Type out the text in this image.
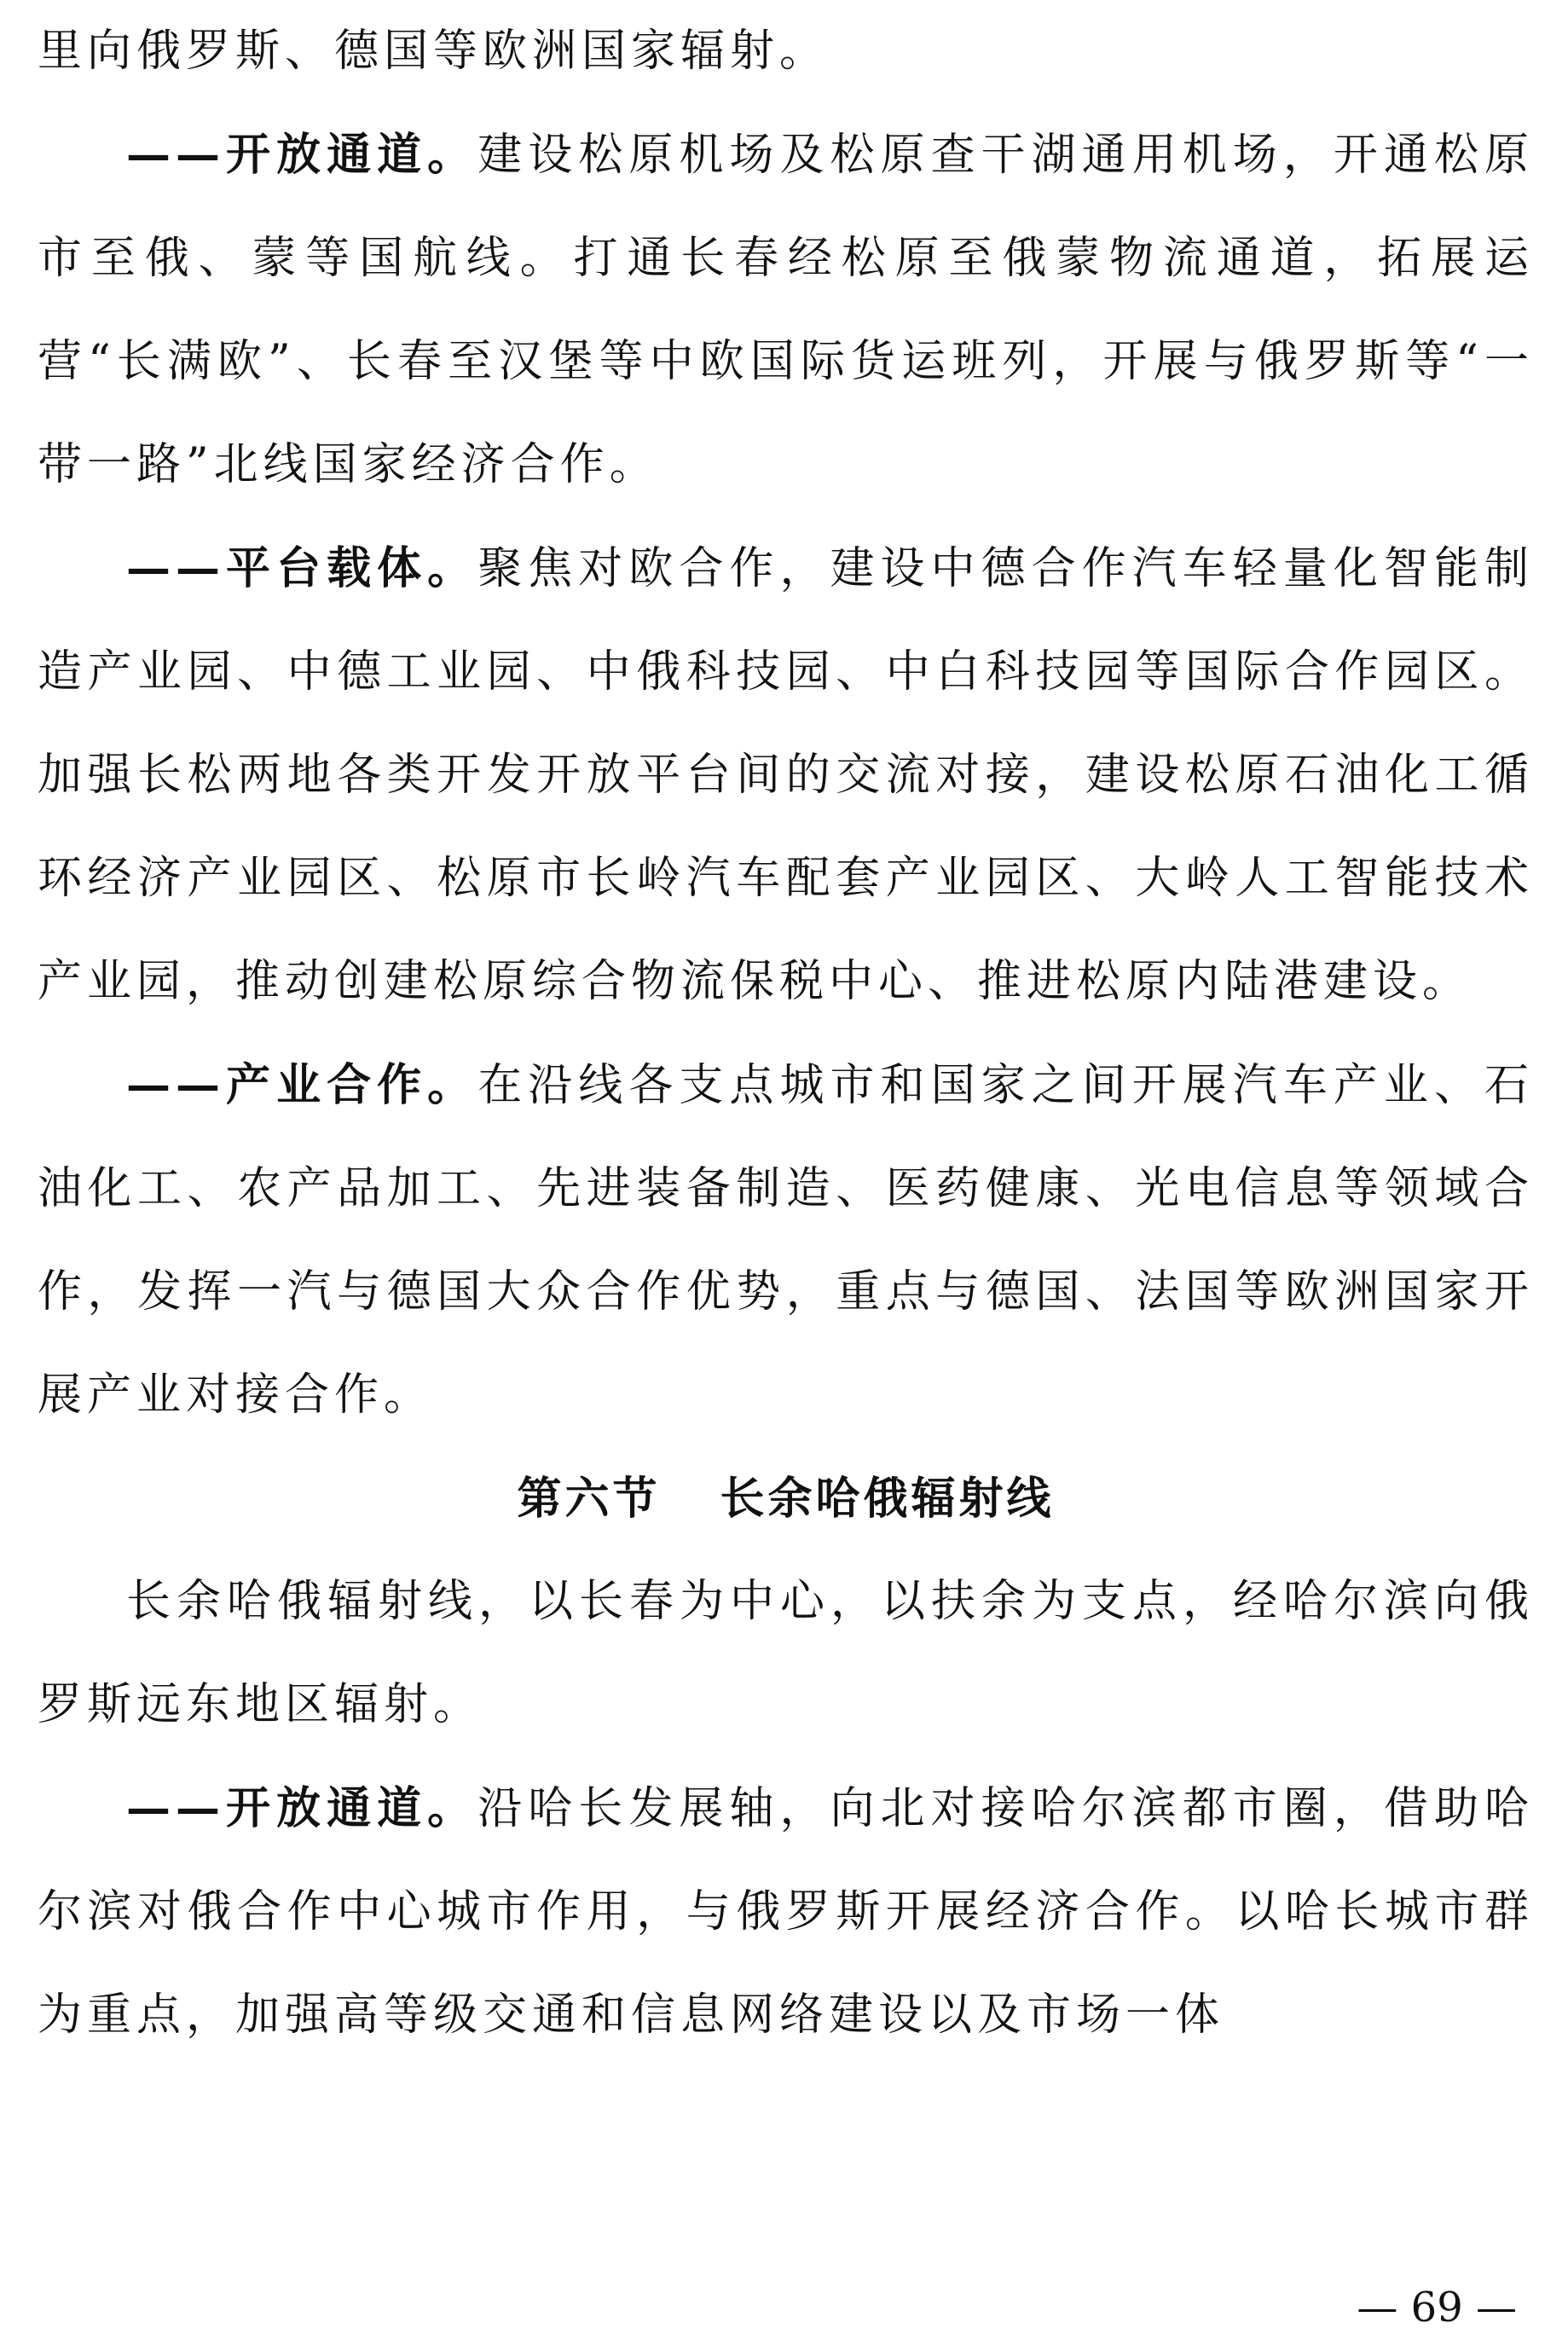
里向俄罗斯、德国等欧洲国家辐射。

——开放通道。建设松原机场及松原查干湖通用机场，开通松原市至俄、蒙等国航线。打通长春经松原至俄蒙物流通道，拓展运营“长满欧”、长春至汉堡等中欧国际货运班列，开展与俄罗斯等“一带一路”北线国家经济合作。

——平台载体。聚焦对欧合作，建设中德合作汽车轻量化智能制造产业园、中德工业园、中俄科技园、中白科技园等国际合作园区。加强长松两地各类开发开放平台间的交流对接，建设松原石油化工循环经济产业园区、松原市长岭汽车配套产业园区、大岭人工智能技术产业园，推动创建松原综合物流保税中心、推进松原内陆港建设。

——产业合作。在沿线各支点城市和国家之间开展汽车产业、石油化工、农产品加工、先进装备制造、医药健康、光电信息等领域合作，发挥一汽与德国大众合作优势，重点与德国、法国等欧洲国家开展产业对接合作。

第六节 长余哈俄辐射线

长余哈俄辐射线，以长春为中心，以扶余为支点，经哈尔滨向俄罗斯远东地区辐射。

——开放通道。沿哈长发展轴，向北对接哈尔滨都市圈，借助哈尔滨对俄合作中心城市作用，与俄罗斯开展经济合作。以哈长城市群为重点，加强高等级交通和信息网络建设以及市场一体

— 69 —
